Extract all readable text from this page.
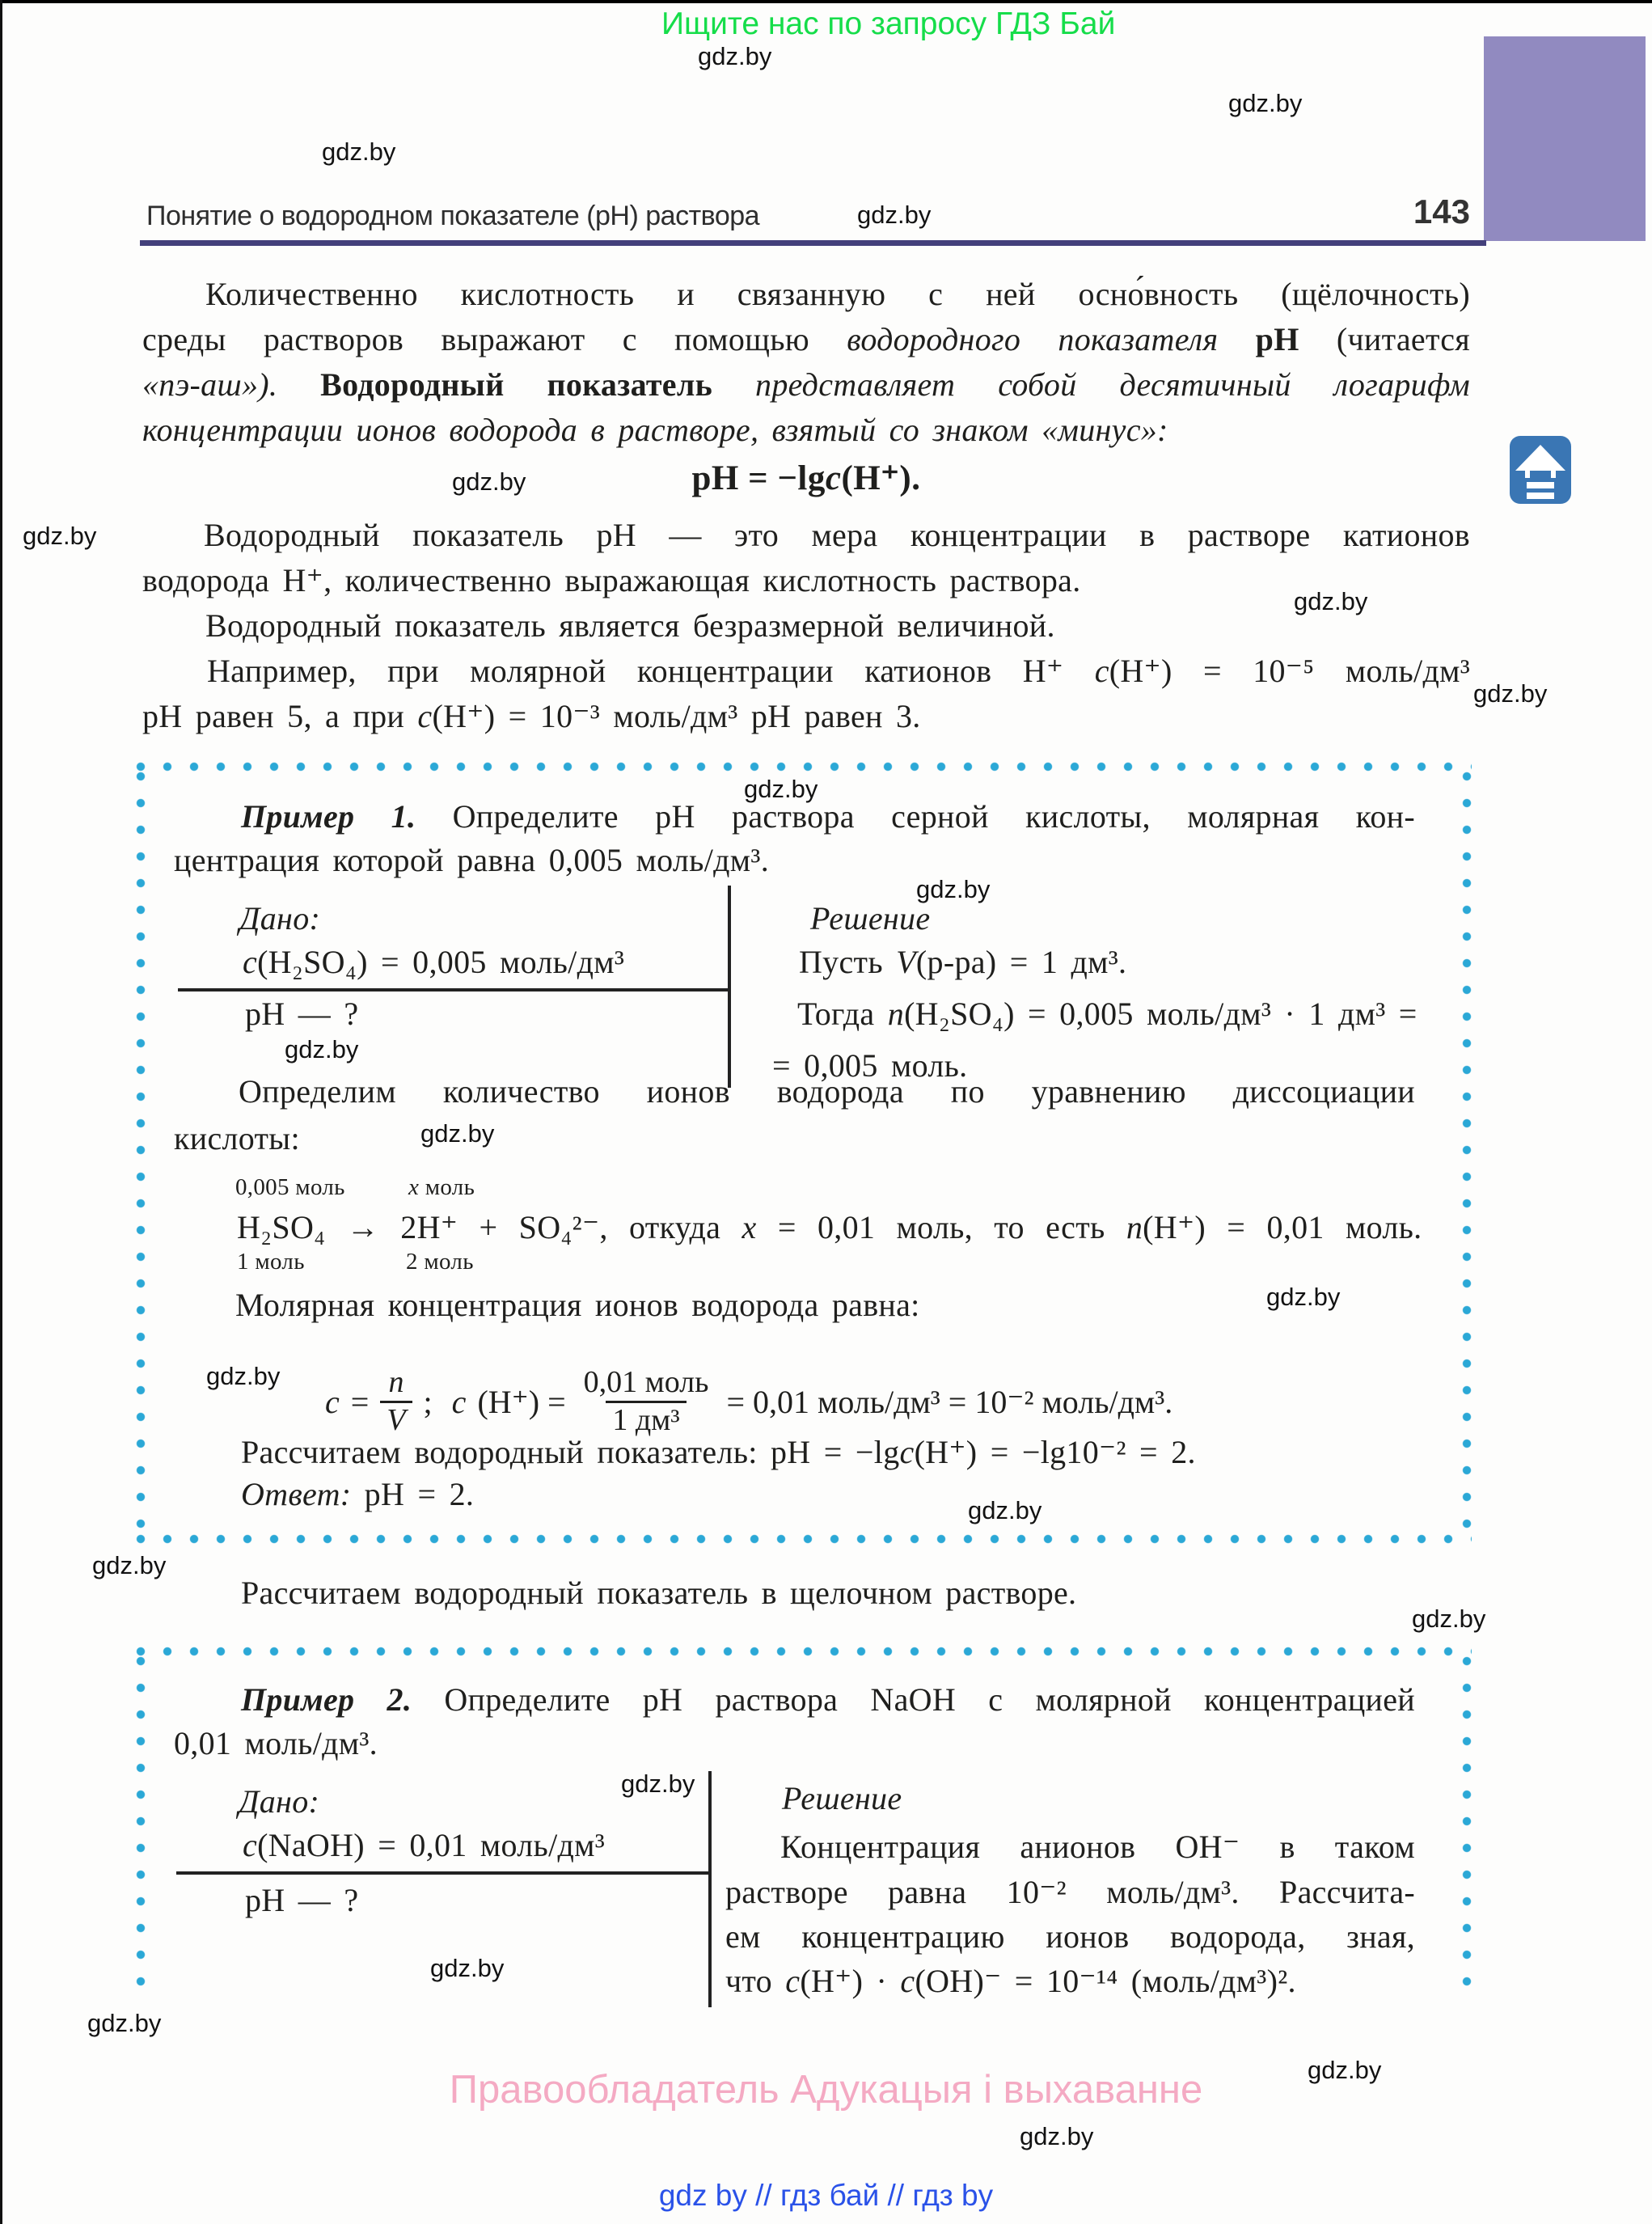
Ищите нас по запросу ГДЗ Бай
Понятие о водородном показателе (pH) раствора	143
gdz.by
gdz.by
gdz.by
gdz.by
gdz.by
gdz.by
gdz.by
gdz.by
gdz.by
gdz.by
gdz.by
gdz.by
gdz.by
gdz.by
gdz.by
gdz.by
gdz.by
gdz.by
gdz.by
gdz.by
gdz.by
gdz.by
Количественно кислотность и связанную с ней осно́вность (щёлочность)
среды растворов выражают с помощью водородного показателя pH (читается
«пэ-аш»). Водородный показатель представляет собой десятичный логарифм
концентрации ионов водорода в растворе, взятый со знаком «минус»:
pH = −lgc(H⁺).
Водородный показатель pH — это мера концентрации в растворе катионов
водорода H⁺, количественно выражающая кислотность раствора.
Водородный показатель является безразмерной величиной.
Например, при молярной концентрации катионов H⁺ c(H⁺) = 10⁻⁵ моль/дм³
pH равен 5, а при c(H⁺) = 10⁻³ моль/дм³ pH равен 3.
Пример 1. Определите pH раствора серной кислоты, молярная кон-
центрация которой равна 0,005 моль/дм³.
Дано:
c(H₂SO₄) = 0,005 моль/дм³
pH — ?
Решение
Пусть V(р-ра) = 1 дм³.
Тогда n(H₂SO₄) = 0,005 моль/дм³ · 1 дм³ =
= 0,005 моль.
Определим количество ионов водорода по уравнению диссоциации
кислоты:
0,005 моль	x моль
H₂SO₄ → 2H⁺ + SO₄²⁻, откуда x = 0,01 моль, то есть n(H⁺) = 0,01 моль.
1 моль	2 моль
Молярная концентрация ионов водорода равна:
$c = \frac{n}{V}$ ; c $(H^+) = \frac{\text{0,01 моль}}{\text{1 дм³}} = 0,01$ моль/дм³ = 10⁻² моль/дм³.
Рассчитаем водородный показатель: pH = −lgc(H⁺) = −lg10⁻² = 2.
Ответ: pH = 2.
Рассчитаем водородный показатель в щелочном растворе.
Пример 2. Определите pH раствора NaOH с молярной концентрацией
0,01 моль/дм³.
Дано:
c(NaOH) = 0,01 моль/дм³
pH — ?
Решение
Концентрация анионов OH⁻ в таком
растворе равна 10⁻² моль/дм³. Рассчита-
ем концентрацию ионов водорода, зная,
что c(H⁺) · c(OH)⁻ = 10⁻¹⁴ (моль/дм³)².
Правообладатель Адукацыя і выхаванне
gdz by // гдз бай // гдз by
